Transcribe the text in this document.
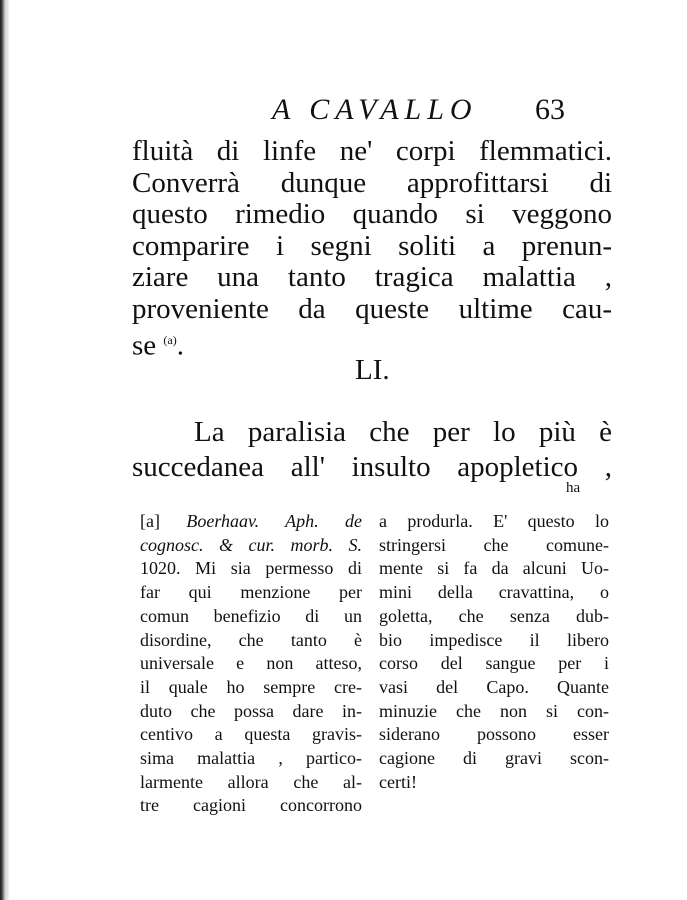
A CAVALLO 63
fluità di linfe ne' corpi flemmatici.
Converrà dunque approfittarsi di
questo rimedio quando si veggono
comparire i segni soliti a prenun-
ziare una tanto tragica malattia ,
proveniente da queste ultime cau-
se $^{(a)}$.
LI.
La paralisia che per lo più è
succedanea all' insulto apopletico ,
ha
[a] Boerhaav. Aph. de
cognosc. & cur. morb. S.
1020. Mi sia permesso di
far qui menzione per
comun benefizio di un
disordine, che tanto è
universale e non atteso,
il quale ho sempre cre-
duto che possa dare in-
centivo a questa gravis-
sima malattia , partico-
larmente allora che al-
tre cagioni concorrono
a produrla. E' questo lo
stringersi che comune-
mente si fa da alcuni Uo-
mini della cravattina, o
goletta, che senza dub-
bio impedisce il libero
corso del sangue per i
vasi del Capo. Quante
minuzie che non si con-
siderano possono esser
cagione di gravi scon-
certi!
